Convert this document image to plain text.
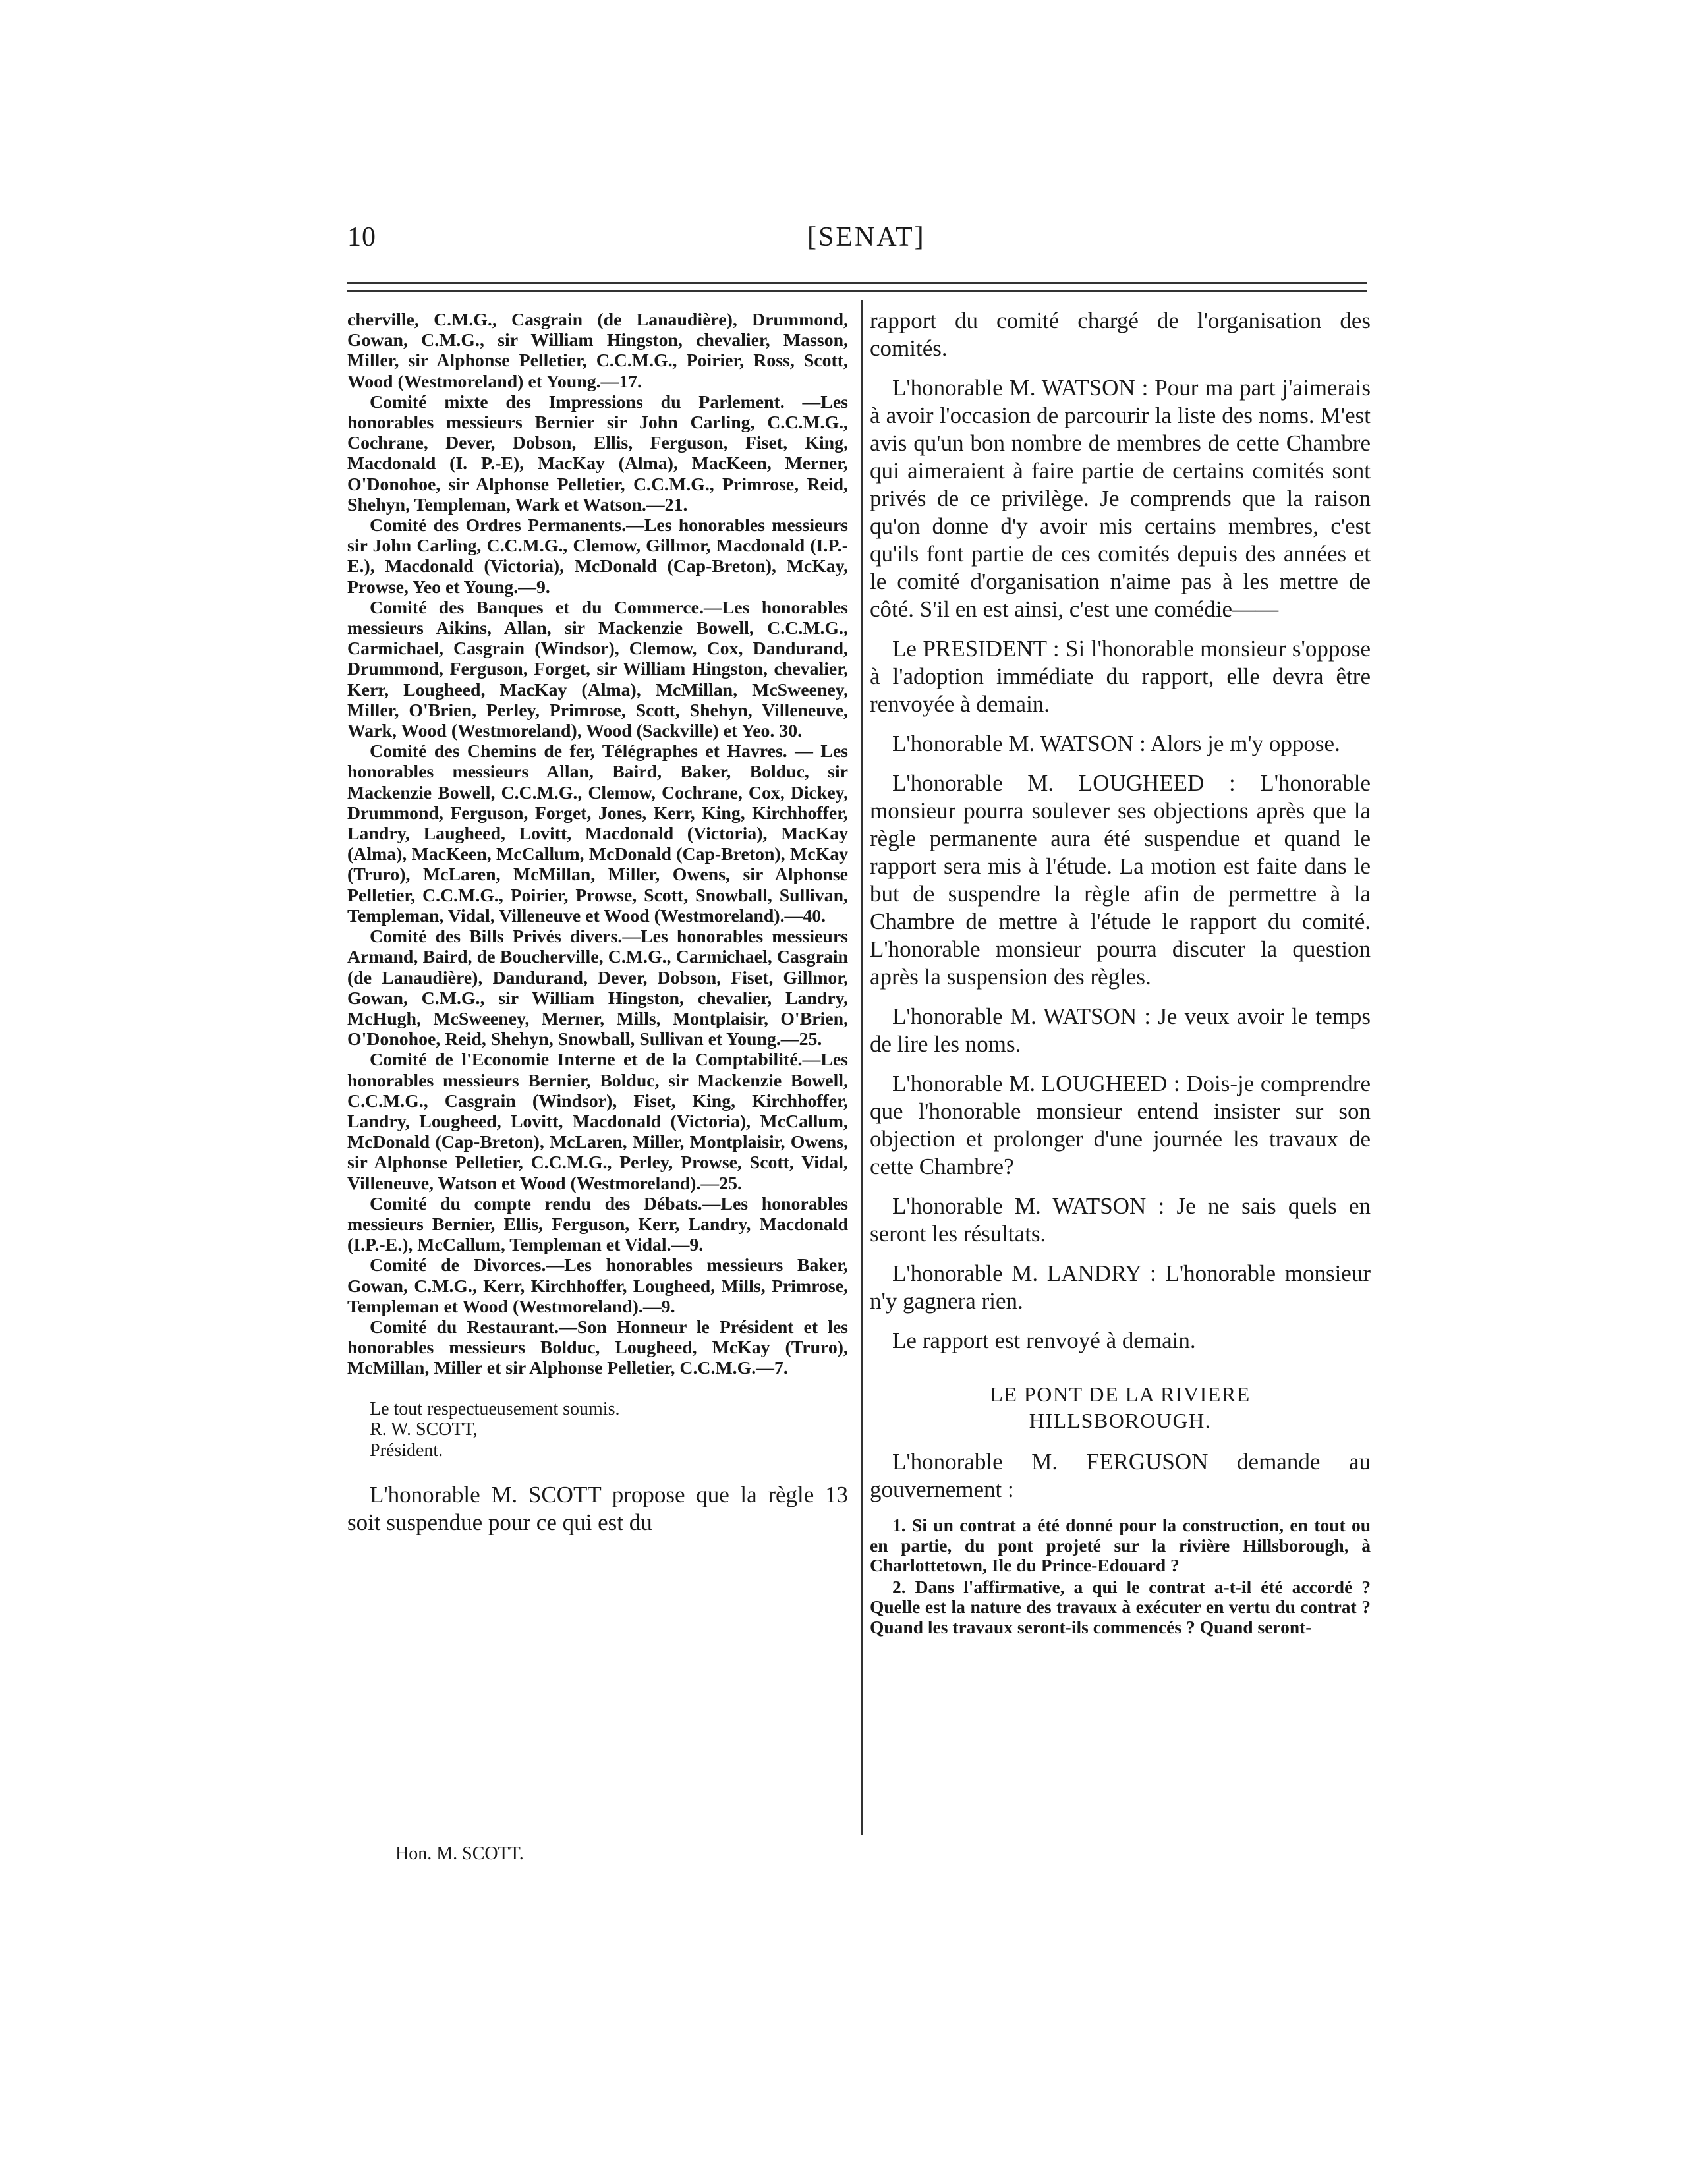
10	[SENAT]

cherville, C.M.G., Casgrain (de Lanaudière), Drummond, Gowan, C.M.G., sir William Hingston, chevalier, Masson, Miller, sir Alphonse Pelletier, C.C.M.G., Poirier, Ross, Scott, Wood (Westmoreland) et Young.—17.

Comité mixte des Impressions du Parlement. —Les honorables messieurs Bernier sir John Carling, C.C.M.G., Cochrane, Dever, Dobson, Ellis, Ferguson, Fiset, King, Macdonald (I. P.-E), MacKay (Alma), MacKeen, Merner, O'Donohoe, sir Alphonse Pelletier, C.C.M.G., Primrose, Reid, Shehyn, Templeman, Wark et Watson.—21.

Comité des Ordres Permanents.—Les honorables messieurs sir John Carling, C.C.M.G., Clemow, Gillmor, Macdonald (I.P.-E.), Macdonald (Victoria), McDonald (Cap-Breton), McKay, Prowse, Yeo et Young.—9.

Comité des Banques et du Commerce.—Les honorables messieurs Aikins, Allan, sir Mackenzie Bowell, C.C.M.G., Carmichael, Casgrain (Windsor), Clemow, Cox, Dandurand, Drummond, Ferguson, Forget, sir William Hingston, chevalier, Kerr, Lougheed, MacKay (Alma), McMillan, McSweeney, Miller, O'Brien, Perley, Primrose, Scott, Shehyn, Villeneuve, Wark, Wood (Westmoreland), Wood (Sackville) et Yeo. 30.

Comité des Chemins de fer, Télégraphes et Havres. — Les honorables messieurs Allan, Baird, Baker, Bolduc, sir Mackenzie Bowell, C.C.M.G., Clemow, Cochrane, Cox, Dickey, Drummond, Ferguson, Forget, Jones, Kerr, King, Kirchhoffer, Landry, Laugheed, Lovitt, Macdonald (Victoria), MacKay (Alma), MacKeen, McCallum, McDonald (Cap-Breton), McKay (Truro), McLaren, McMillan, Miller, Owens, sir Alphonse Pelletier, C.C.M.G., Poirier, Prowse, Scott, Snowball, Sullivan, Templeman, Vidal, Villeneuve et Wood (Westmoreland).—40.

Comité des Bills Privés divers.—Les honorables messieurs Armand, Baird, de Boucherville, C.M.G., Carmichael, Casgrain (de Lanaudière), Dandurand, Dever, Dobson, Fiset, Gillmor, Gowan, C.M.G., sir William Hingston, chevalier, Landry, McHugh, McSweeney, Merner, Mills, Montplaisir, O'Brien, O'Donohoe, Reid, Shehyn, Snowball, Sullivan et Young.—25.

Comité de l'Economie Interne et de la Comptabilité.—Les honorables messieurs Bernier, Bolduc, sir Mackenzie Bowell, C.C.M.G., Casgrain (Windsor), Fiset, King, Kirchhoffer, Landry, Lougheed, Lovitt, Macdonald (Victoria), McCallum, McDonald (Cap-Breton), McLaren, Miller, Montplaisir, Owens, sir Alphonse Pelletier, C.C.M.G., Perley, Prowse, Scott, Vidal, Villeneuve, Watson et Wood (Westmoreland).—25.

Comité du compte rendu des Débats.—Les honorables messieurs Bernier, Ellis, Ferguson, Kerr, Landry, Macdonald (I.P.-E.), McCallum, Templeman et Vidal.—9.

Comité de Divorces.—Les honorables messieurs Baker, Gowan, C.M.G., Kerr, Kirchhoffer, Lougheed, Mills, Primrose, Templeman et Wood (Westmoreland).—9.

Comité du Restaurant.—Son Honneur le Président et les honorables messieurs Bolduc, Lougheed, McKay (Truro), McMillan, Miller et sir Alphonse Pelletier, C.C.M.G.—7.

Le tout respectueusement soumis.

R. W. SCOTT,
Président.

L'honorable M. SCOTT propose que la règle 13 soit suspendue pour ce qui est du

Hon. M. SCOTT.

rapport du comité chargé de l'organisation des comités.

L'honorable M. WATSON : Pour ma part j'aimerais à avoir l'occasion de parcourir la liste des noms. M'est avis qu'un bon nombre de membres de cette Chambre qui aimeraient à faire partie de certains comités sont privés de ce privilège. Je comprends que la raison qu'on donne d'y avoir mis certains membres, c'est qu'ils font partie de ces comités depuis des années et le comité d'organisation n'aime pas à les mettre de côté. S'il en est ainsi, c'est une comédie——

Le PRESIDENT : Si l'honorable monsieur s'oppose à l'adoption immédiate du rapport, elle devra être renvoyée à demain.

L'honorable M. WATSON : Alors je m'y oppose.

L'honorable M. LOUGHEED : L'honorable monsieur pourra soulever ses objections après que la règle permanente aura été suspendue et quand le rapport sera mis à l'étude. La motion est faite dans le but de suspendre la règle afin de permettre à la Chambre de mettre à l'étude le rapport du comité. L'honorable monsieur pourra discuter la question après la suspension des règles.

L'honorable M. WATSON : Je veux avoir le temps de lire les noms.

L'honorable M. LOUGHEED : Dois-je comprendre que l'honorable monsieur entend insister sur son objection et prolonger d'une journée les travaux de cette Chambre?

L'honorable M. WATSON : Je ne sais quels en seront les résultats.

L'honorable M. LANDRY : L'honorable monsieur n'y gagnera rien.

Le rapport est renvoyé à demain.

LE PONT DE LA RIVIERE HILLSBOROUGH.

L'honorable M. FERGUSON demande au gouvernement :

1. Si un contrat a été donné pour la construction, en tout ou en partie, du pont projeté sur la rivière Hillsborough, à Charlottetown, Ile du Prince-Edouard ?

2. Dans l'affirmative, a qui le contrat a-t-il été accordé ? Quelle est la nature des travaux à exécuter en vertu du contrat ? Quand les travaux seront-ils commencés ? Quand seront-
